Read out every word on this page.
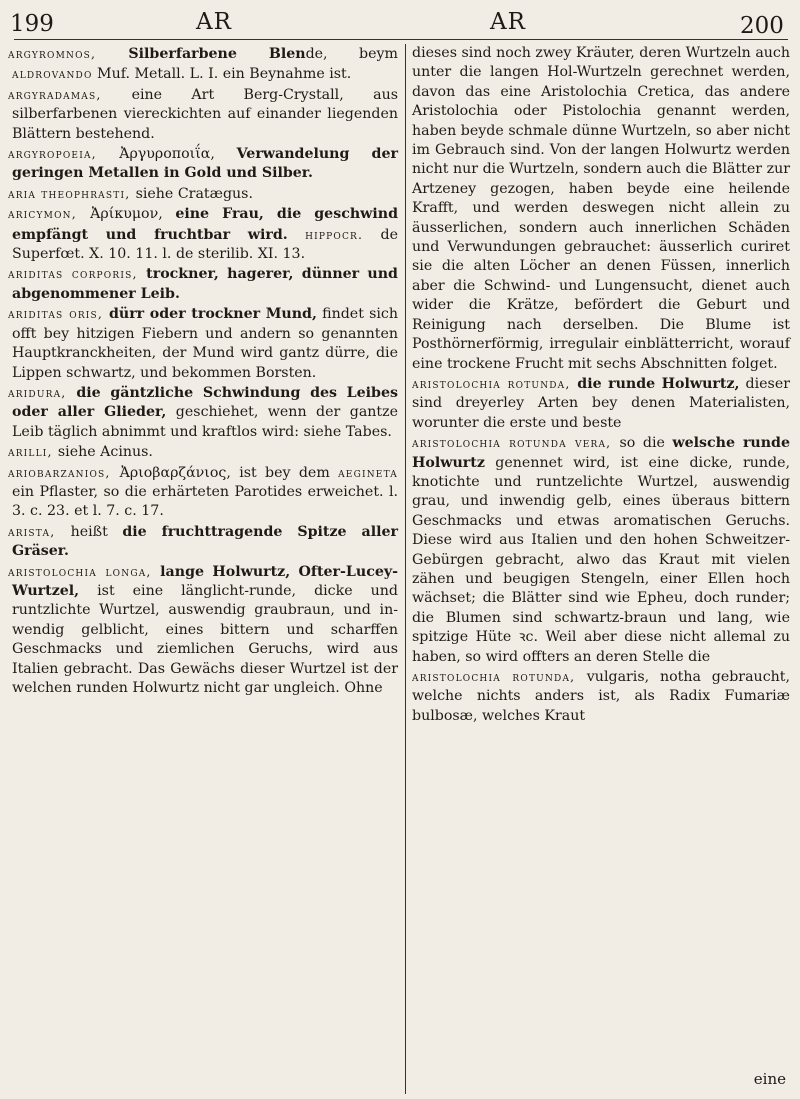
199	AR	AR	200

argyromnos, Silberfarbene Blende, beym aldrovando Muf. Metall. L. I. ein Beynahme ist.

argyradamas, eine Art Berg-Crystall, aus silberfarbenen viereckichten auf einander liegenden Blättern bestehend.

argyropoeia, Ἀργυροποιΐα, Verwandelung der geringen Metallen in Gold und Silber.

aria theophrasti, siehe Cratægus.

aricymon, Ἀρίκυμον, eine Frau, die geschwind empfängt und fruchtbar wird. hippocr. de Superfœt. X. 10. 11. l. de sterilib. XI. 13.

ariditas corporis, trockner, hagerer, dünner und abgenommener Leib.

ariditas oris, dürr oder trockner Mund, findet sich offt bey hitzigen Fiebern und andern so genannten Hauptkranckheiten, der Mund wird gantz dürre, die Lippen schwartz, und bekommen Borsten.

aridura, die gäntzliche Schwindung des Leibes oder aller Glieder, geschiehet, wenn der gantze Leib täglich abnimmt und kraftlos wird: siehe Tabes.

arilli, siehe Acinus.

ariobarzanios, Ἀριοβαρζάνιος, ist bey dem aegineta ein Pflaster, so die erhärteten Parotides erweichet. l. 3. c. 23. et l. 7. c. 17.

arista, heißt die fruchttragende Spitze aller Gräser.

aristolochia longa, lange Holwurtz, Ofter-Lucey-Wurtzel, ist eine länglicht-runde, dicke und runtzlichte Wurtzel, auswendig graubraun, und inwendig gelblicht, eines bittern und scharffen Geschmacks und ziemlichen Geruchs, wird aus Italien gebracht. Das Gewächs dieser Wurtzel ist der welchen runden Holwurtz nicht gar ungleich. Ohne

dieses sind noch zwey Kräuter, deren Wurtzeln auch unter die langen Hol-Wurtzeln gerechnet werden, davon das eine Aristolochia Cretica, das andere Aristolochia oder Pistolochia genannt werden, haben beyde schmale dünne Wurtzeln, so aber nicht im Gebrauch sind. Von der langen Holwurtz werden nicht nur die Wurtzeln, sondern auch die Blätter zur Artzeney gezogen, haben beyde eine heilende Krafft, und werden deswegen nicht allein zu äusserlichen, sondern auch innerlichen Schäden und Verwundungen gebrauchet: äusserlich curiret sie die alten Löcher an denen Füssen, innerlich aber die Schwind- und Lungensucht, dienet auch wider die Krätze, befördert die Geburt und Reinigung nach derselben. Die Blume ist Posthörnerförmig, irregulair einblätterricht, worauf eine trockene Frucht mit sechs Abschnitten folget.

aristolochia rotunda, die runde Holwurtz, dieser sind dreyerley Arten bey denen Materialisten, worunter die erste und beste

aristolochia rotunda vera, so die welsche runde Holwurtz genennet wird, ist eine dicke, runde, knotichte und runtzelichte Wurtzel, auswendig grau, und inwendig gelb, eines überaus bittern Geschmacks und etwas aromatischen Geruchs. Diese wird aus Italien und den hohen Schweitzer-Gebürgen gebracht, alwo das Kraut mit vielen zähen und beugigen Stengeln, einer Ellen hoch wächset; die Blätter sind wie Epheu, doch runder; die Blumen sind schwartz-braun und lang, wie spitzige Hüte ꝛc. Weil aber diese nicht allemal zu haben, so wird offters an deren Stelle die

aristolochia rotunda, vulgaris, notha gebraucht, welche nichts anders ist, als Radix Fumariæ bulbosæ, welches Kraut

eine
